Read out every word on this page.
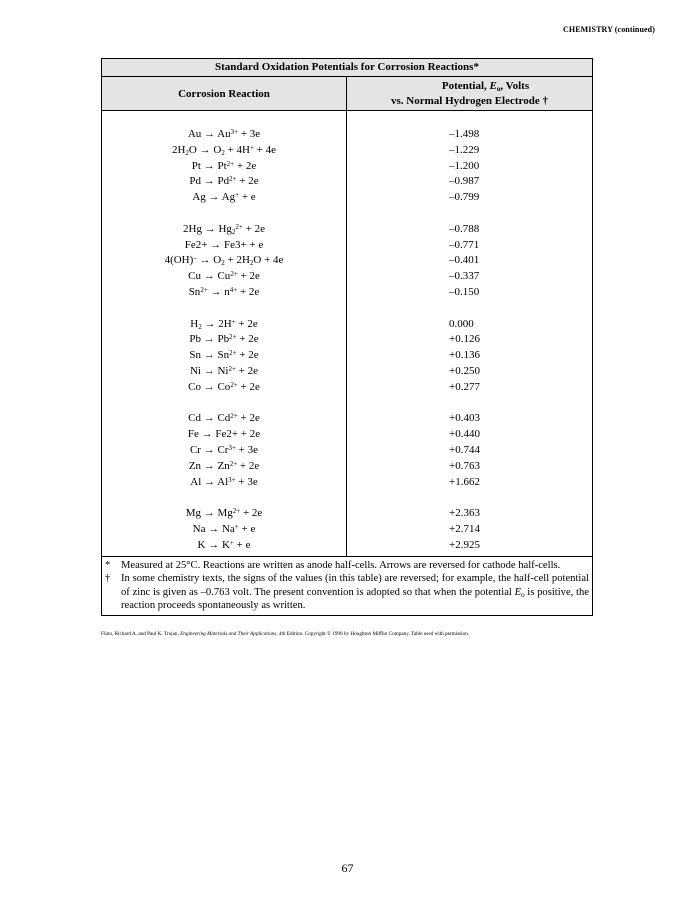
CHEMISTRY (continued)
Standard Oxidation Potentials for Corrosion Reactions*
Corrosion Reaction
Potential, $E_o$, Volts
vs. Normal Hydrogen Electrode †
$Au \to Au^{3+} + 3e$
$2H_2O \to O_2 + 4H^+ + 4e$
$Pt \to Pt^{2+} + 2e$
$Pd \to Pd^{2+} + 2e$
Ag → Ag+ + e
$2Hg \to Hg_2^{2+} + 2e$
Fe2+ → Fe3+ + e
$4(OH)^- \to O_2 + 2H_2O + 4e$
$Cu \to Cu^{2+} + 2e$
$Sn^{2+} \to n^{4+} + 2e$
$H_2 \to 2H^+ + 2e$
$Pb \to Pb^{2+} + 2e$
$Sn \to Sn^{2+} + 2e$
$Ni \to Ni^{2+} + 2e$
$Co \to Co^{2+} + 2e$
$Cd \to Cd^{2+} + 2e$
Fe → Fe2+ + 2e
$Cr \to Cr^{3+} + 3e$
$Zn \to Zn^{2+} + 2e$
$Al \to Al^{3+} + 3e$
$Mg \to Mg^{2+} + 2e$
Na → Na+ + e
K → K+ + e
–1.498
–1.229
–1.200
–0.987
–0.799
–0.788
–0.771
–0.401
–0.337
–0.150
0.000
+0.126
+0.136
+0.250
+0.277
+0.403
+0.440
+0.744
+0.763
+1.662
+2.363
+2.714
+2.925
*	Measured at 25°C. Reactions are written as anode half-cells. Arrows are reversed for cathode half-cells.
†	In some chemistry texts, the signs of the values (in this table) are reversed; for example, the half-cell potential of zinc is given as –0.763 volt. The present convention is adopted so that when the potential $E_o$ is positive, the reaction proceeds spontaneously as written.
Flinn, Richard A. and Paul K. Trojan, Engineering Materials and Their Applications, 4th Edition. Copyright © 1990 by Houghton Mifflin Company. Table used with permission.
67
